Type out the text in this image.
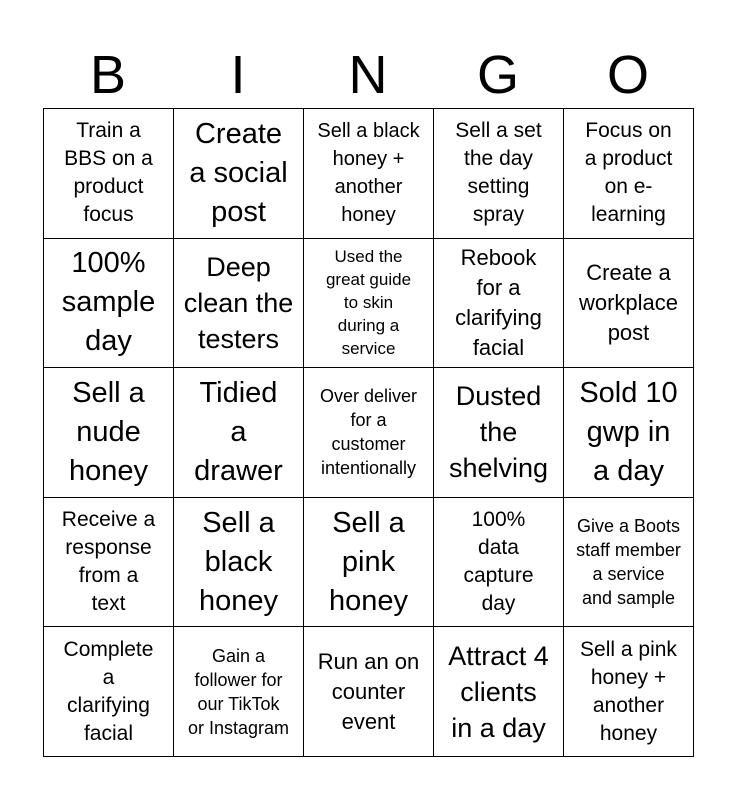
B	I	N	G	O
Train a
BBS on a
product
focus
Create
a social
post
Sell a black
honey +
another
honey
Sell a set
the day
setting
spray
Focus on
a product
on e-
learning
100%
sample
day
Deep
clean the
testers
Used the
great guide
to skin
during a
service
Rebook
for a
clarifying
facial
Create a
workplace
post
Sell a
nude
honey
Tidied
a
drawer
Over deliver
for a
customer
intentionally
Dusted
the
shelving
Sold 10
gwp in
a day
Receive a
response
from a
text
Sell a
black
honey
Sell a
pink
honey
100%
data
capture
day
Give a Boots
staff member
a service
and sample
Complete
a
clarifying
facial
Gain a
follower for
our TikTok
or Instagram
Run an on
counter
event
Attract 4
clients
in a day
Sell a pink
honey +
another
honey
